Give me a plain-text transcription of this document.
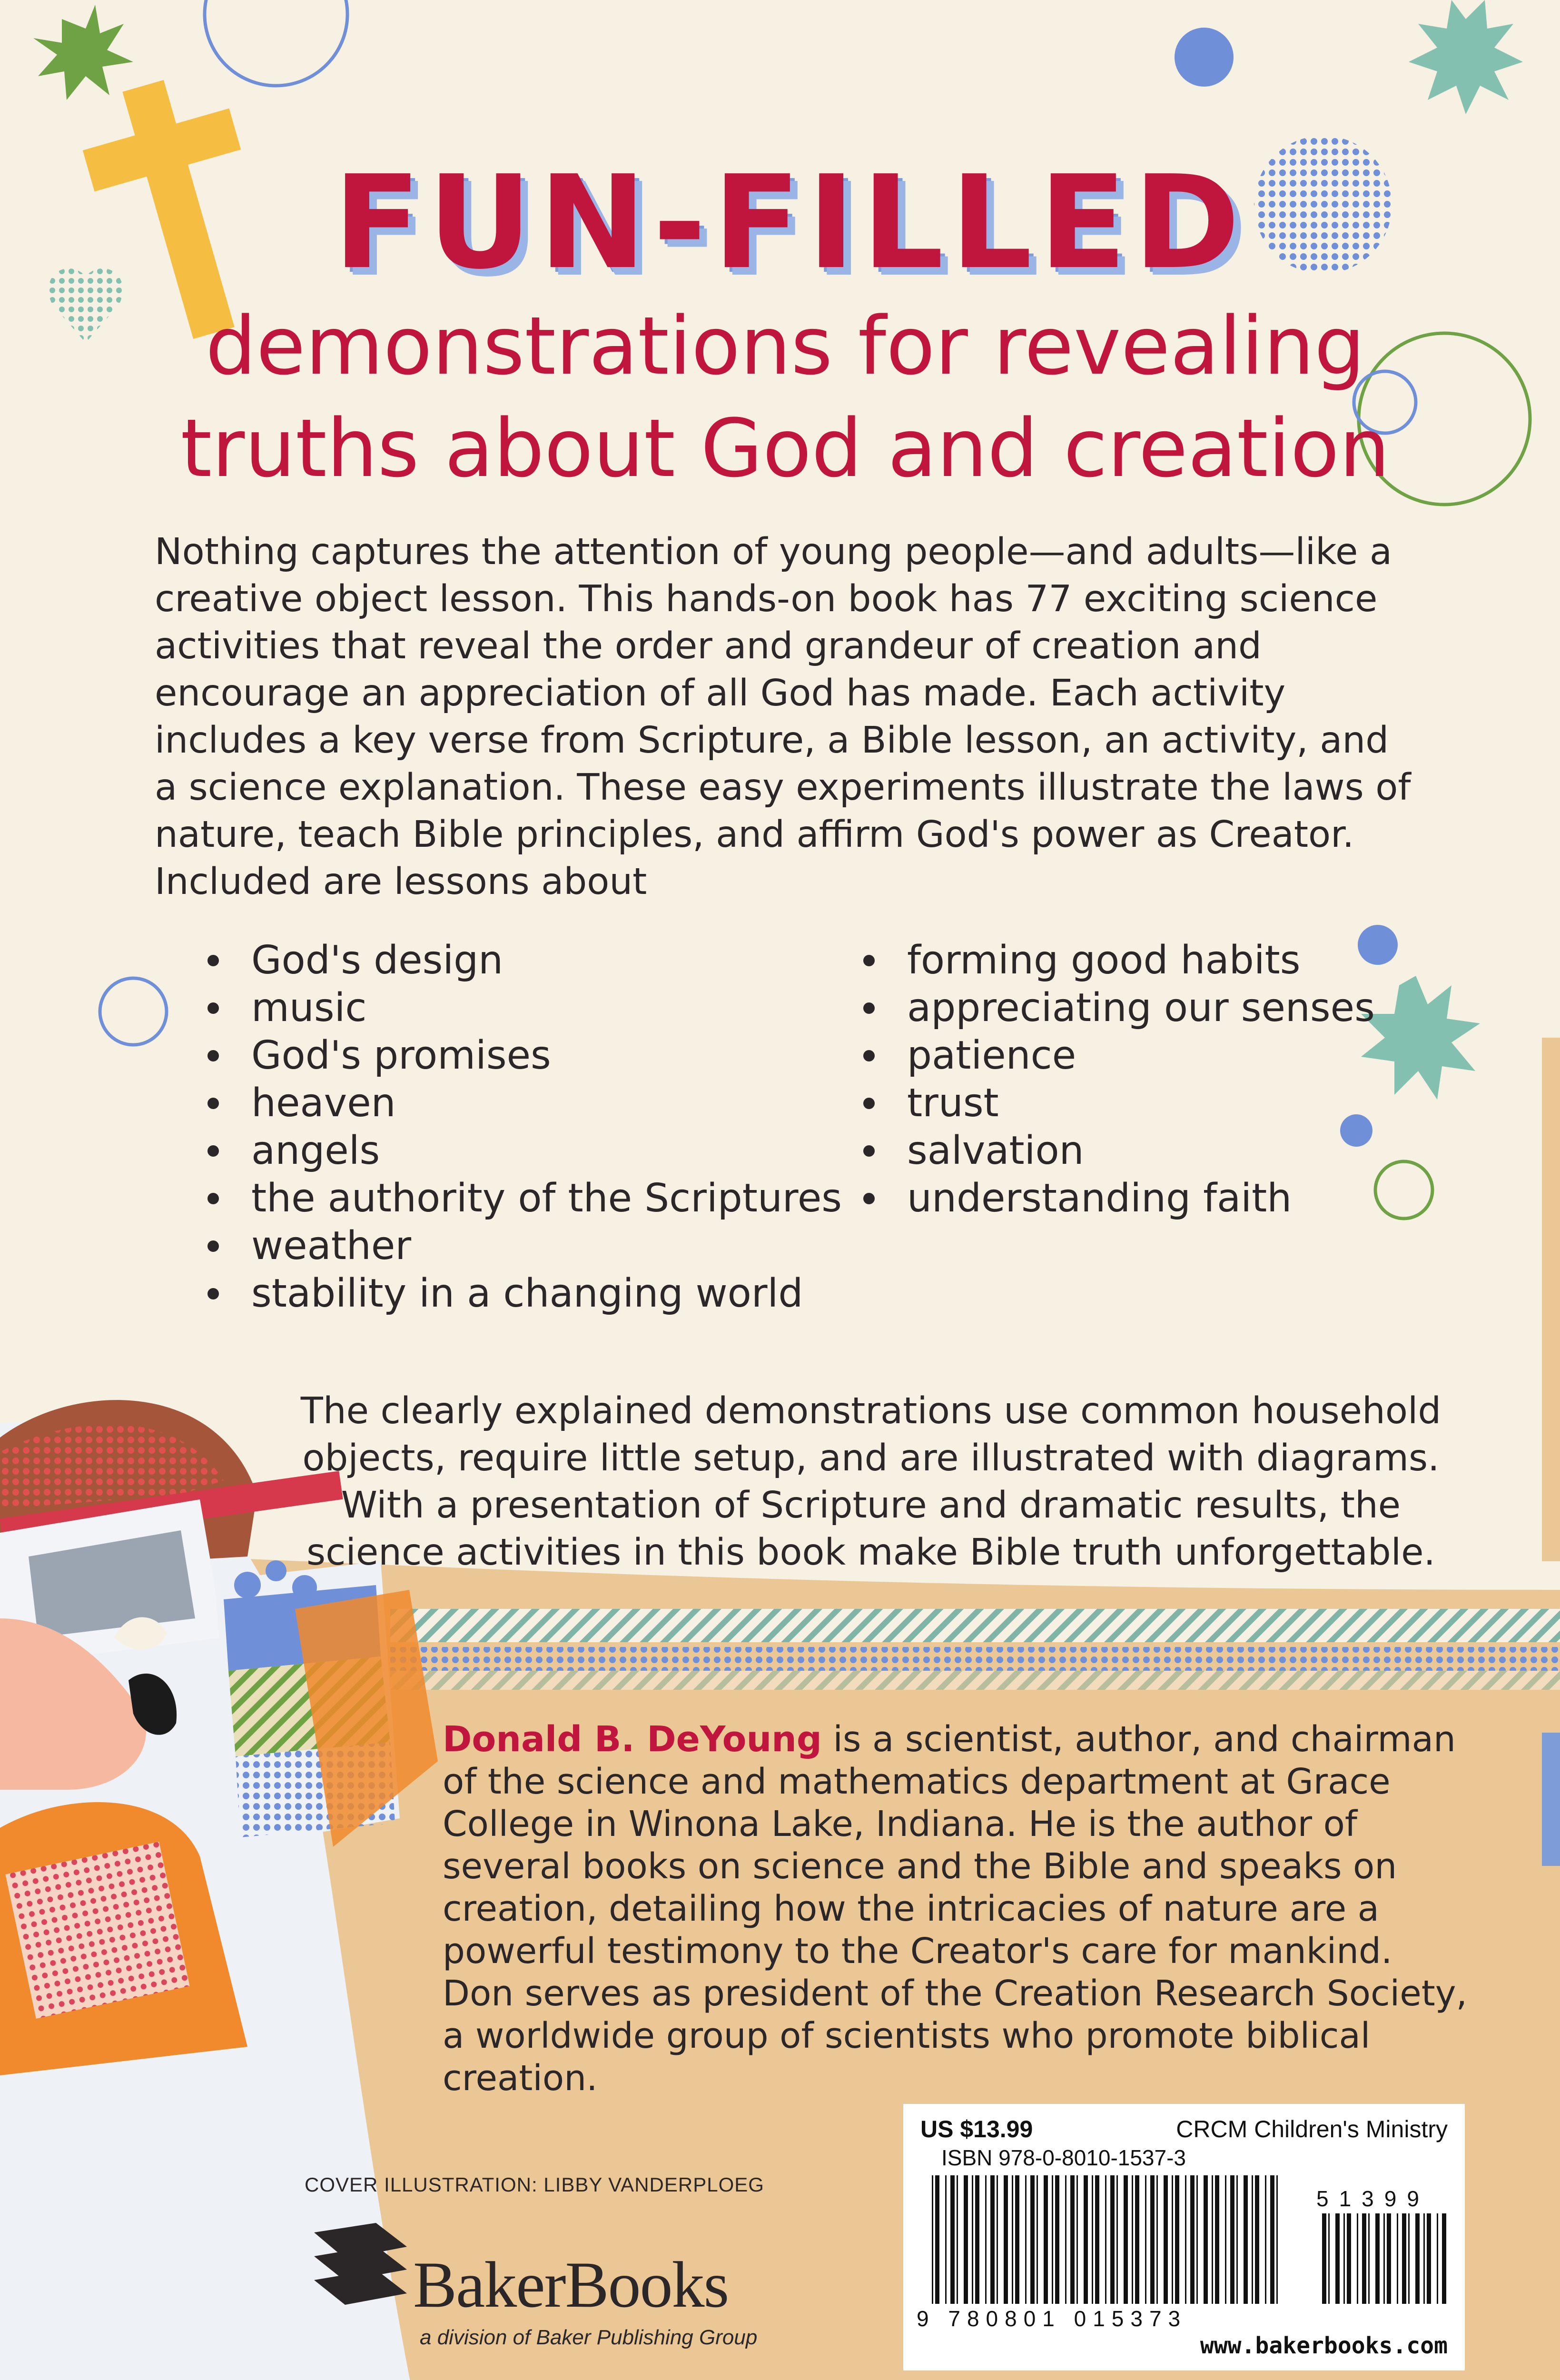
FUN-FILLED
demonstrations for revealing
truths about God and creation

Nothing captures the attention of young people—and adults—like a creative object lesson. This hands-on book has 77 exciting science activities that reveal the order and grandeur of creation and encourage an appreciation of all God has made. Each activity includes a key verse from Scripture, a Bible lesson, an activity, and a science explanation. These easy experiments illustrate the laws of nature, teach Bible principles, and affirm God's power as Creator. Included are lessons about

God's design
music
God's promises
heaven
angels
the authority of the Scriptures
weather
stability in a changing world
forming good habits
appreciating our senses
patience
trust
salvation
understanding faith

The clearly explained demonstrations use common household objects, require little setup, and are illustrated with diagrams. With a presentation of Scripture and dramatic results, the science activities in this book make Bible truth unforgettable.

Donald B. DeYoung is a scientist, author, and chairman of the science and mathematics department at Grace College in Winona Lake, Indiana. He is the author of several books on science and the Bible and speaks on creation, detailing how the intricacies of nature are a powerful testimony to the Creator's care for mankind. Don serves as president of the Creation Research Society, a worldwide group of scientists who promote biblical creation.

US $13.99	CRCM Children's Ministry
ISBN 978-0-8010-1537-3
51399
9 780801 015373
www.bakerbooks.com
COVER ILLUSTRATION: LIBBY VANDERPLOEG
BakerBooks
a division of Baker Publishing Group
